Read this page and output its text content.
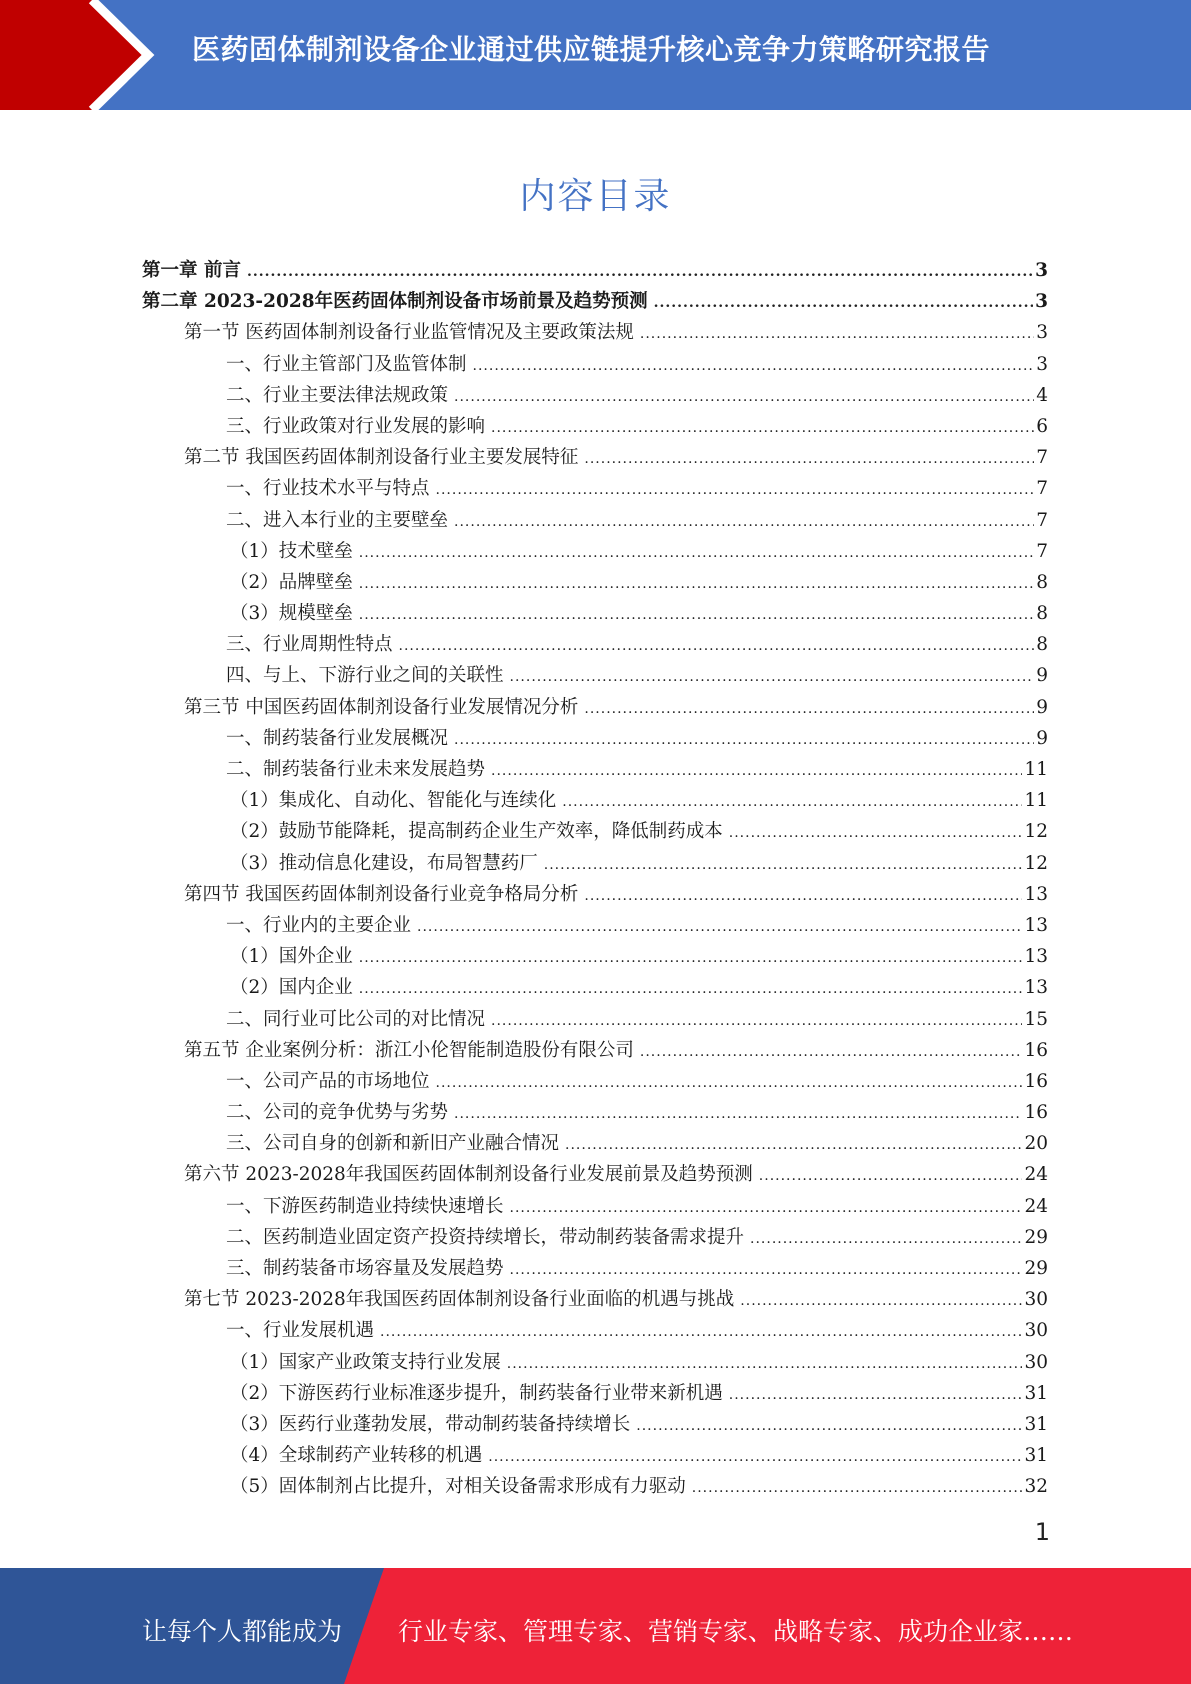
医药固体制剂设备企业通过供应链提升核心竞争力策略研究报告
内容目录
第一章 前言 .....	3
第二章 2023-2028年医药固体制剂设备市场前景及趋势预测 .....	3
第一节 医药固体制剂设备行业监管情况及主要政策法规 .....	3
一、行业主管部门及监管体制 .....	3
二、行业主要法律法规政策 .....	4
三、行业政策对行业发展的影响 .....	6
第二节 我国医药固体制剂设备行业主要发展特征 .....	7
一、行业技术水平与特点 .....	7
二、进入本行业的主要壁垒 .....	7
（1）技术壁垒 .....	7
（2）品牌壁垒 .....	8
（3）规模壁垒 .....	8
三、行业周期性特点 .....	8
四、与上、下游行业之间的关联性 .....	9
第三节 中国医药固体制剂设备行业发展情况分析 .....	9
一、制药装备行业发展概况 .....	9
二、制药装备行业未来发展趋势 .....	11
（1）集成化、自动化、智能化与连续化 .....	11
（2）鼓励节能降耗，提高制药企业生产效率，降低制药成本 .....	12
（3）推动信息化建设，布局智慧药厂 .....	12
第四节 我国医药固体制剂设备行业竞争格局分析 .....	13
一、行业内的主要企业 .....	13
（1）国外企业 .....	13
（2）国内企业 .....	13
二、同行业可比公司的对比情况 .....	15
第五节 企业案例分析：浙江小伦智能制造股份有限公司 .....	16
一、公司产品的市场地位 .....	16
二、公司的竞争优势与劣势 .....	16
三、公司自身的创新和新旧产业融合情况 .....	20
第六节 2023-2028年我国医药固体制剂设备行业发展前景及趋势预测 .....	24
一、下游医药制造业持续快速增长 .....	24
二、医药制造业固定资产投资持续增长，带动制药装备需求提升 .....	29
三、制药装备市场容量及发展趋势 .....	29
第七节 2023-2028年我国医药固体制剂设备行业面临的机遇与挑战 .....	30
一、行业发展机遇 .....	30
（1）国家产业政策支持行业发展 .....	30
（2）下游医药行业标准逐步提升，制药装备行业带来新机遇 .....	31
（3）医药行业蓬勃发展，带动制药装备持续增长 .....	31
（4）全球制药产业转移的机遇 .....	31
（5）固体制剂占比提升，对相关设备需求形成有力驱动 .....	32
1
让每个人都能成为 行业专家、管理专家、营销专家、战略专家、成功企业家……
